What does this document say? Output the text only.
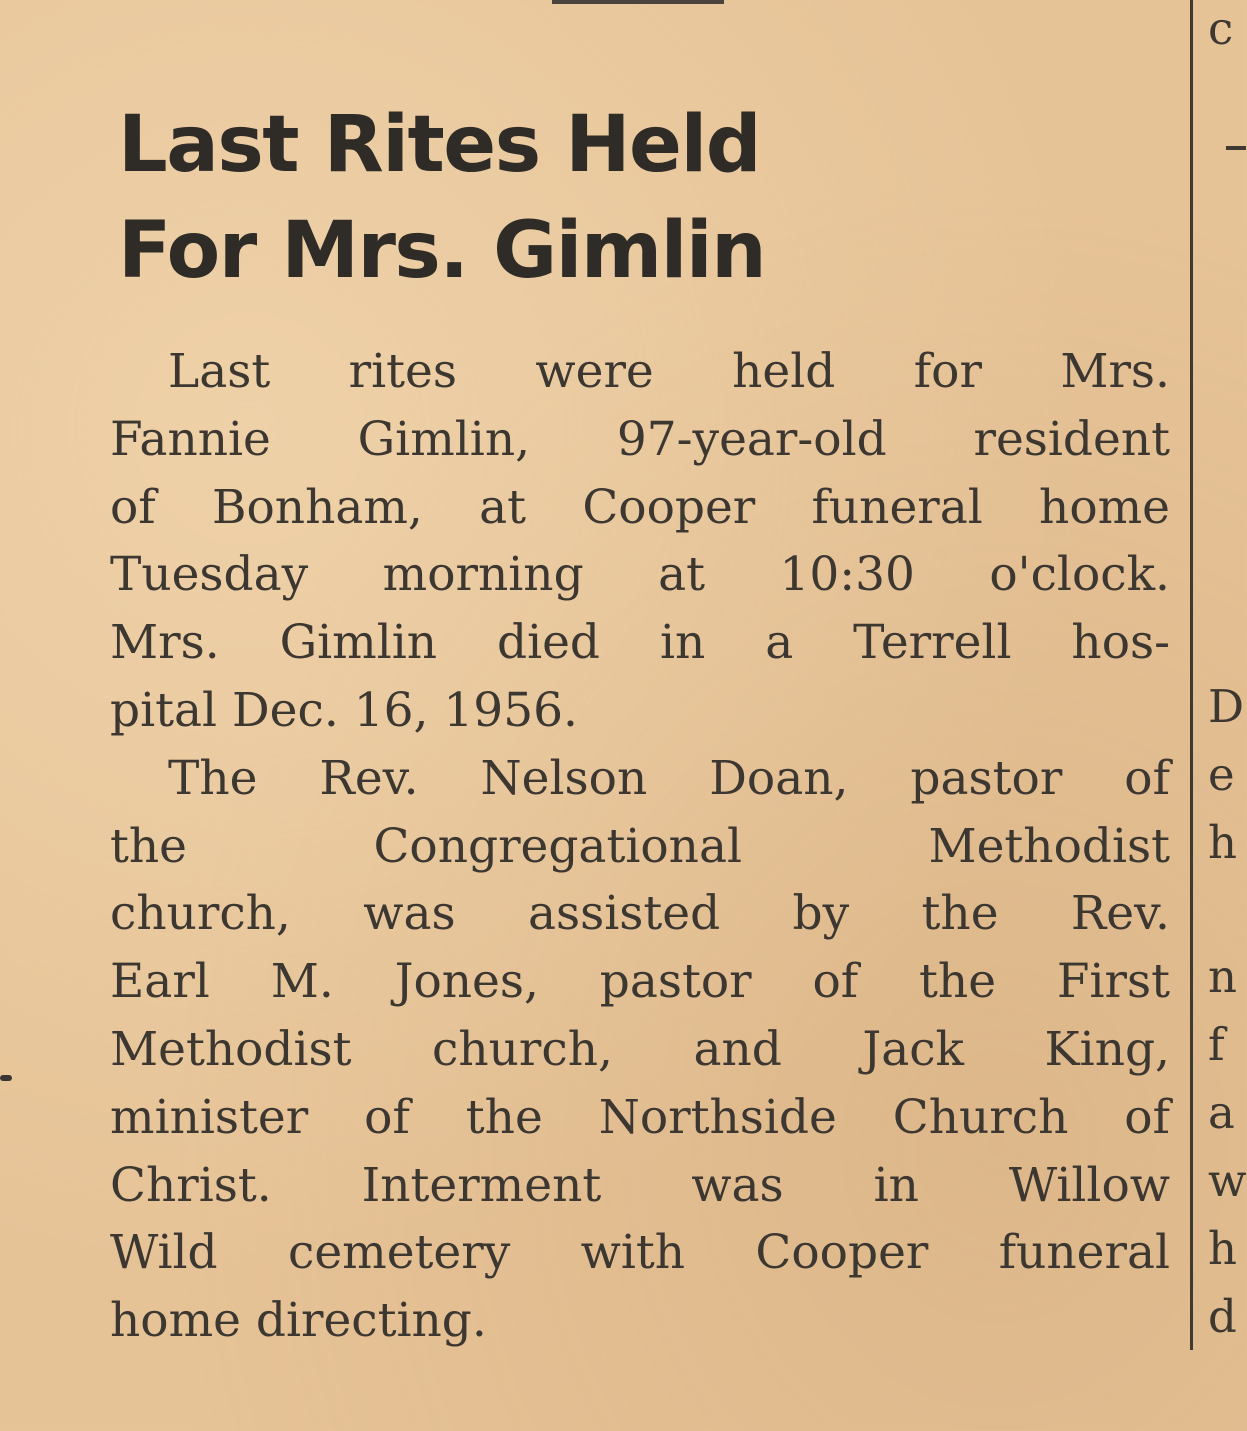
Last Rites Held
For Mrs. Gimlin

Last rites were held for Mrs.
Fannie Gimlin, 97-year-old resident
of Bonham, at Cooper funeral home
Tuesday morning at 10:30 o'clock.
Mrs. Gimlin died in a Terrell hos-
pital Dec. 16, 1956.

The Rev. Nelson Doan, pastor of
the Congregational Methodist
church, was assisted by the Rev.
Earl M. Jones, pastor of the First
Methodist church, and Jack King,
minister of the Northside Church of
Christ. Interment was in Willow
Wild cemetery with Cooper funeral
home directing.

c
D
e
h
n
f
a
w
h
d
